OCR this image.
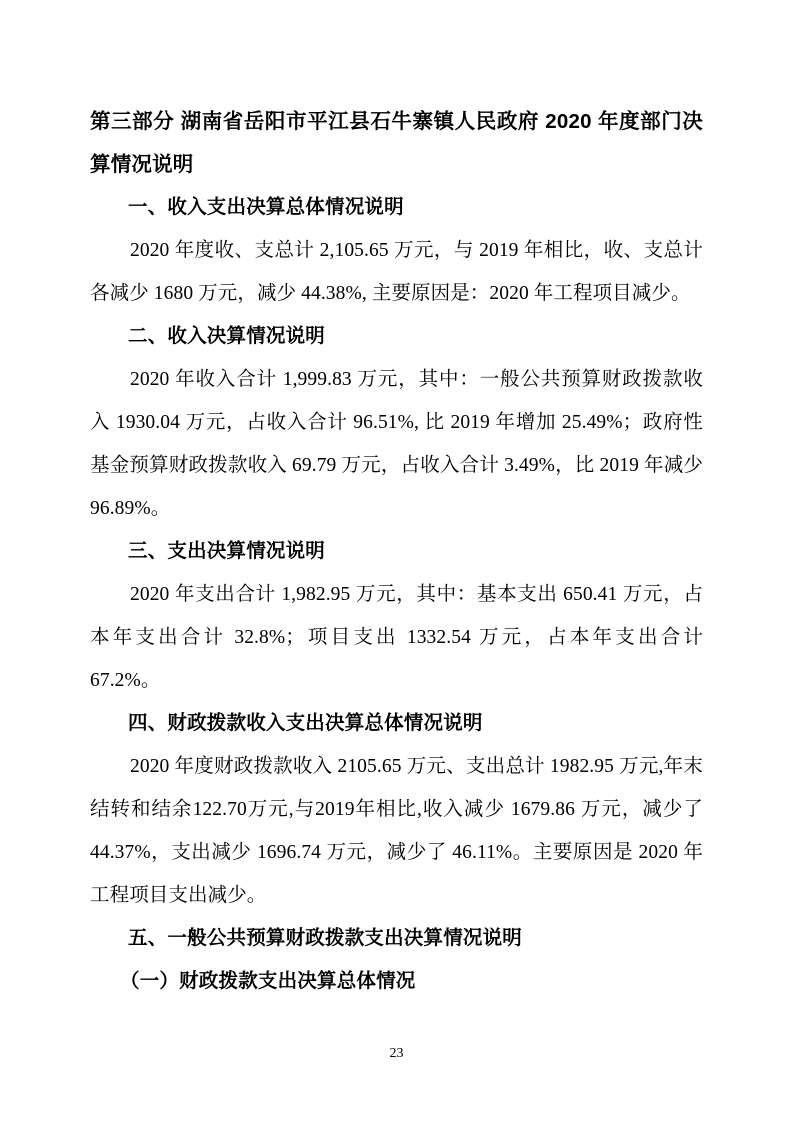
第三部分 湖南省岳阳市平江县石牛寨镇人民政府 2020 年度部门决算情况说明
一、收入支出决算总体情况说明

2020 年度收、支总计 2,105.65 万元，与 2019 年相比，收、支总计各减少 1680 万元，减少 44.38%, 主要原因是：2020 年工程项目减少。

二、收入决算情况说明

2020 年收入合计 1,999.83 万元，其中：一般公共预算财政拨款收入 1930.04 万元，占收入合计 96.51%, 比 2019 年增加 25.49%；政府性基金预算财政拨款收入 69.79 万元，占收入合计 3.49%，比 2019 年减少 96.89%。

三、支出决算情况说明

2020 年支出合计 1,982.95 万元，其中：基本支出 650.41 万元，占本年支出合计 32.8%；项目支出 1332.54 万元，占本年支出合计 67.2%。

四、财政拨款收入支出决算总体情况说明

2020 年度财政拨款收入 2105.65 万元、支出总计 1982.95 万元,年末结转和结余122.70万元,与2019年相比,收入减少 1679.86 万元，减少了 44.37%，支出减少 1696.74 万元，减少了 46.11%。主要原因是 2020 年工程项目支出减少。

五、一般公共预算财政拨款支出决算情况说明
（一）财政拨款支出决算总体情况
23
